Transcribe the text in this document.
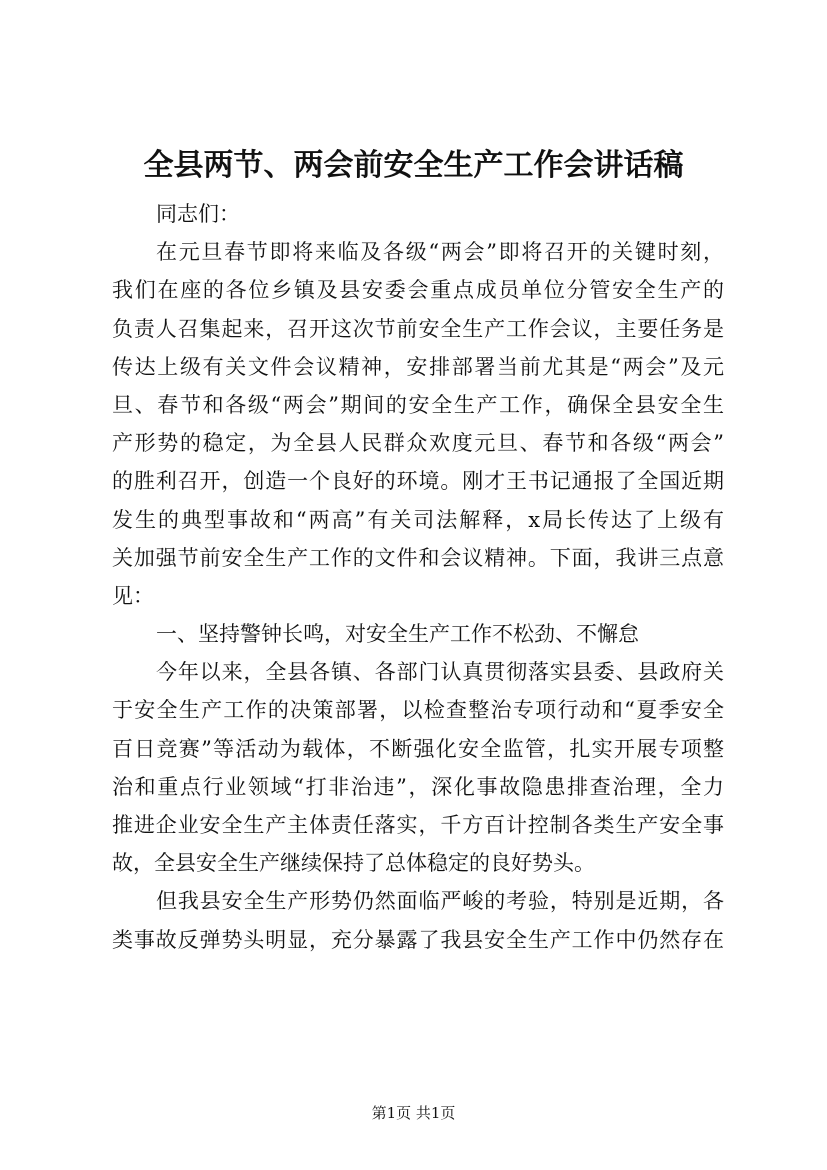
全县两节、两会前安全生产工作会讲话稿
同志们：
在元旦春节即将来临及各级“两会”即将召开的关键时刻，
我们在座的各位乡镇及县安委会重点成员单位分管安全生产的
负责人召集起来，召开这次节前安全生产工作会议，主要任务是
传达上级有关文件会议精神，安排部署当前尤其是“两会”及元
旦、春节和各级“两会”期间的安全生产工作，确保全县安全生
产形势的稳定，为全县人民群众欢度元旦、春节和各级“两会”
的胜利召开，创造一个良好的环境。刚才王书记通报了全国近期
发生的典型事故和“两高”有关司法解释，x局长传达了上级有
关加强节前安全生产工作的文件和会议精神。下面，我讲三点意
见：
一、坚持警钟长鸣，对安全生产工作不松劲、不懈怠
今年以来，全县各镇、各部门认真贯彻落实县委、县政府关
于安全生产工作的决策部署，以检查整治专项行动和“夏季安全
百日竞赛”等活动为载体，不断强化安全监管，扎实开展专项整
治和重点行业领域“打非治违”，深化事故隐患排查治理，全力
推进企业安全生产主体责任落实，千方百计控制各类生产安全事
故，全县安全生产继续保持了总体稳定的良好势头。
但我县安全生产形势仍然面临严峻的考验，特别是近期，各
类事故反弹势头明显，充分暴露了我县安全生产工作中仍然存在
第1页 共1页
